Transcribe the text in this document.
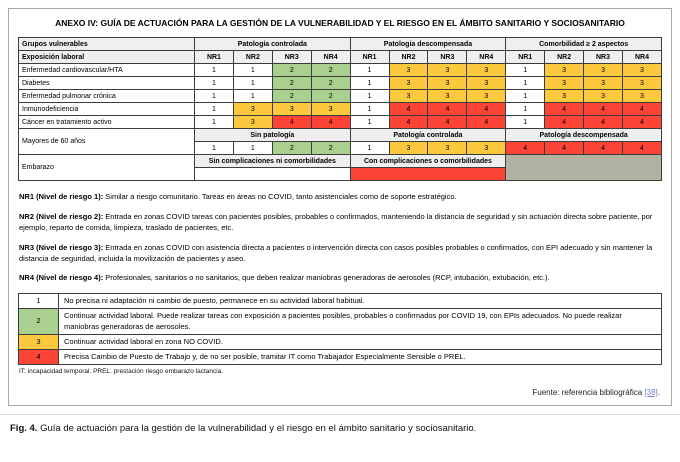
ANEXO IV: GUÍA DE ACTUACIÓN PARA LA GESTIÓN DE LA VULNERABILIDAD Y EL RIESGO EN EL ÁMBITO SANITARIO Y SOCIOSANITARIO
Grupos vulnerables	Patología controlada				Patología descompensada				Comorbilidad ≥ 2 aspectos			
Exposición laboral	NR1	NR2	NR3	NR4	NR1	NR2	NR3	NR4	NR1	NR2	NR3	NR4
Enfermedad cardiovascular/HTA	1	1	2	2	1	3	3	3	1	3	3	3
Diabetes	1	1	2	2	1	3	3	3	1	3	3	3
Enfermedad pulmonar crónica	1	1	2	2	1	3	3	3	1	3	3	3
Inmunodeficiencia	1	3	3	3	1	4	4	4	1	4	4	4
Cáncer en tratamiento activo	1	3	4	4	1	4	4	4	1	4	4	4
Mayores de 60 años	Sin patología				Patología controlada				Patología descompensada			
	1	1	2	2	1	3	3	3	4	4	4	4
Embarazo	Sin complicaciones ni comorbilidades				Con complicaciones o comorbilidades							

NR1 (Nivel de riesgo 1): Similar a riesgo comunitario. Tareas en áreas no COVID, tanto asistenciales como de soporte estratégico.

NR2 (Nivel de riesgo 2): Entrada en zonas COVID tareas con pacientes posibles, probables o confirmados, manteniendo la distancia de seguridad y sin actuación directa sobre paciente, por ejemplo, reparto de comida, limpieza, traslado de pacientes, etc.

NR3 (Nivel de riesgo 3): Entrada en zonas COVID con asistencia directa a pacientes o intervención directa con casos posibles probables o confirmados, con EPI adecuado y sin mantener la distancia de seguridad, incluida la movilización de pacientes y aseo.

NR4 (Nivel de riesgo 4): Profesionales, sanitarios o no sanitarios, que deben realizar maniobras generadoras de aerosoles (RCP, intubación, extubación, etc.).

1	No precisa ni adaptación ni cambio de puesto, permanece en su actividad laboral habitual.
2	Continuar actividad laboral. Puede realizar tareas con exposición a pacientes posibles, probables o confirmados por COVID 19, con EPIs adecuados. No puede realizar maniobras generadoras de aerosoles.
3	Continuar actividad laboral en zona NO COVID.
4	Precisa Cambio de Puesto de Trabajo y, de no ser posible, tramitar IT como Trabajador Especialmente Sensible o PREL.
IT: incapacidad temporal. PREL: prestación riesgo embarazo lactancia.
Fuente: referencia bibliográfica [38].
Fig. 4. Guía de actuación para la gestión de la vulnerabilidad y el riesgo en el ámbito sanitario y sociosanitario.
